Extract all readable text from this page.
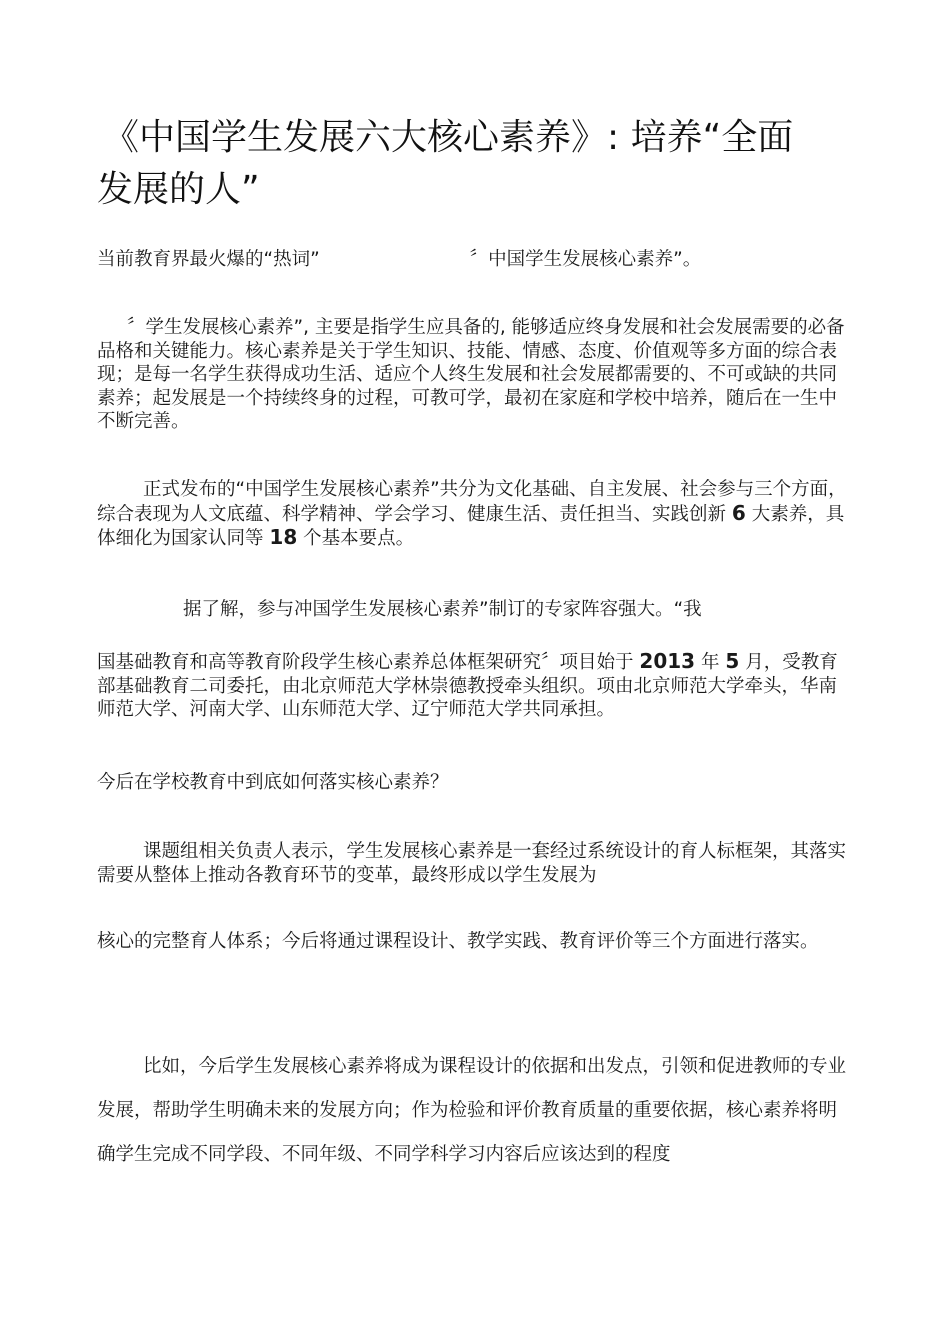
《中国学生发展六大核心素养》: 培养“全面
发展的人”
当前教育界最火爆的“热词”	〞中国学生发展核心素养”。
〞学生发展核心素养”, 主要是指学生应具备的, 能够适应终身发展和社会发展需要的必备品格和关键能力。核心素养是关于学生知识、技能、情感、态度、价值观等多方面的综合表现；是每一名学生获得成功生活、适应个人终生发展和社会发展都需要的、不可或缺的共同素养；起发展是一个持续终身的过程，可教可学，最初在家庭和学校中培养，随后在一生中不断完善。
正式发布的“中国学生发展核心素养”共分为文化基础、自主发展、社会参与三个方面，综合表现为人文底蕴、科学精神、学会学习、健康生活、责任担当、实践创新 6 大素养，具体细化为国家认同等 18 个基本要点。
据了解，参与冲国学生发展核心素养”制订的专家阵容强大。“我
国基础教育和高等教育阶段学生核心素养总体框架研究〞项目始于 2013 年 5 月，受教育部基础教育二司委托，由北京师范大学林崇德教授牵头组织。项由北京师范大学牵头，华南师范大学、河南大学、山东师范大学、辽宁师范大学共同承担。
今后在学校教育中到底如何落实核心素养？
课题组相关负责人表示，学生发展核心素养是一套经过系统设计的育人标框架，其落实需要从整体上推动各教育环节的变革，最终形成以学生发展为
核心的完整育人体系；今后将通过课程设计、教学实践、教育评价等三个方面进行落实。
比如，今后学生发展核心素养将成为课程设计的依据和出发点，引领和促进教师的专业发展，帮助学生明确未来的发展方向；作为检验和评价教育质量的重要依据，核心素养将明确学生完成不同学段、不同年级、不同学科学习内容后应该达到的程度
